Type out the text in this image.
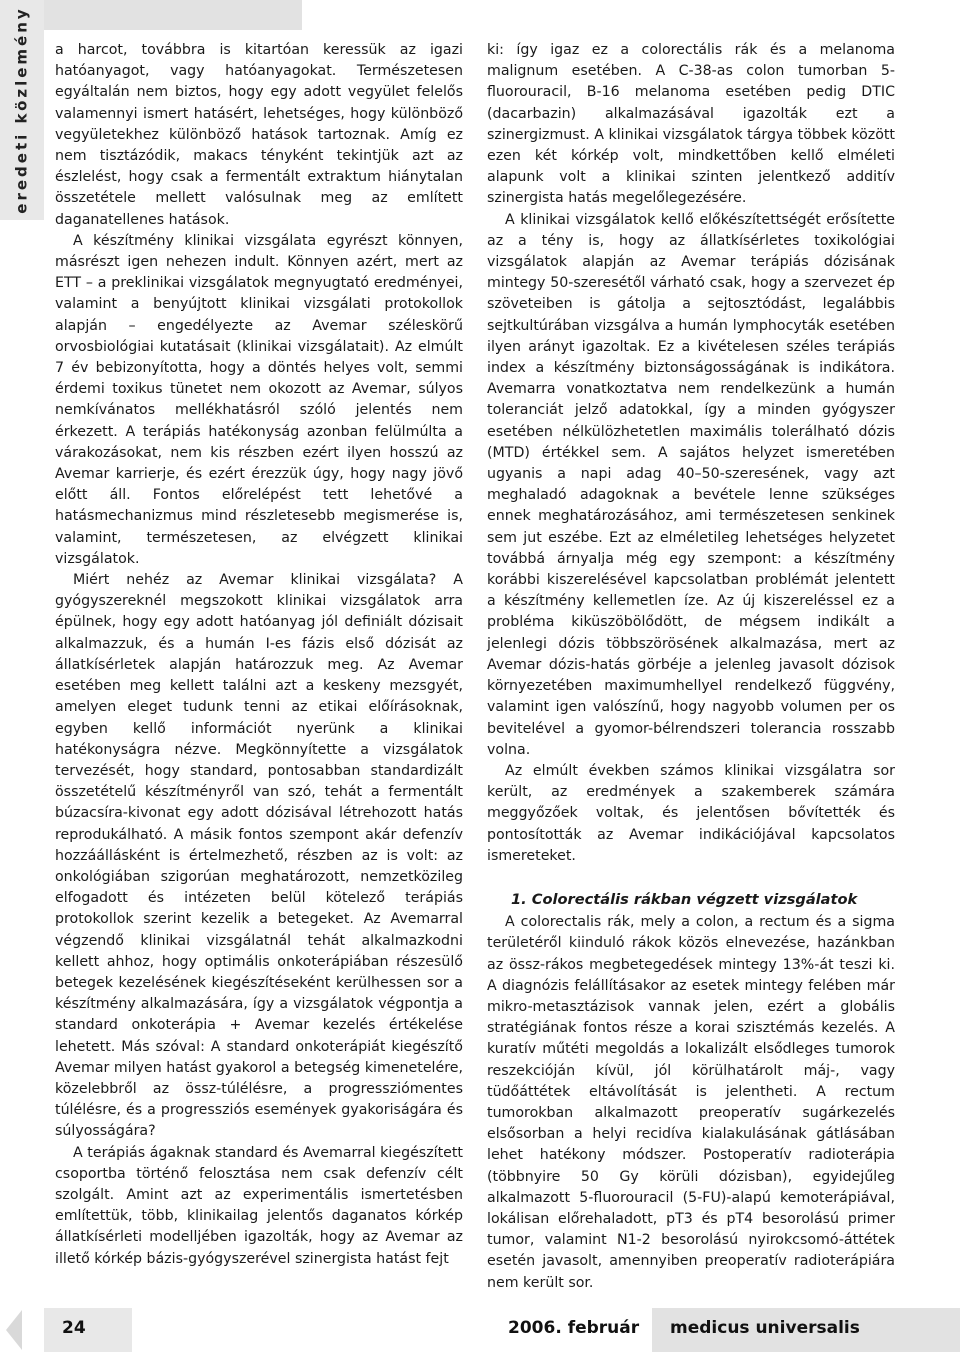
eredeti közlemény a harcot, továbbra is kitartóan keressük az igazi hatóanyagot, vagy hatóanyagokat. Természetesen egyáltalán nem biztos, hogy egy adott vegyület felelős valamennyi ismert hatásért, lehetséges, hogy különböző vegyületekhez különböző hatások tartoznak. Amíg ez nem tisztázódik, makacs tényként tekintjük azt az észlelést, hogy csak a fermentált extraktum hiánytalan összetétele mellett valósulnak meg az említett daganatellenes hatások.

A készítmény klinikai vizsgálata egyrészt könnyen, másrészt igen nehezen indult. Könnyen azért, mert az ETT – a preklinikai vizsgálatok megnyugtató eredményei, valamint a benyújtott klinikai vizsgálati protokollok alapján – engedélyezte az Avemar széleskörű orvosbiológiai kutatásait (klinikai vizsgálatait). Az elmúlt 7 év bebizonyította, hogy a döntés helyes volt, semmi érdemi toxikus tünetet nem okozott az Avemar, súlyos nemkívánatos mellékhatásról szóló jelentés nem érkezett. A terápiás hatékonyság azonban felülmúlta a várakozásokat, nem kis részben ezért ilyen hosszú az Avemar karrierje, és ezért érezzük úgy, hogy nagy jövő előtt áll. Fontos előrelépést tett lehetővé a hatásmechanizmus mind részletesebb megismerése is, valamint, természetesen, az elvégzett klinikai vizsgálatok.

Miért nehéz az Avemar klinikai vizsgálata? A gyógyszereknél megszokott klinikai vizsgálatok arra épülnek, hogy egy adott hatóanyag jól definiált dózisait alkalmazzuk, és a humán I-es fázis első dózisát az állatkísérletek alapján határozzuk meg. Az Avemar esetében meg kellett találni azt a keskeny mezsgyét, amelyen eleget tudunk tenni az etikai előírásoknak, egyben kellő információt nyerünk a klinikai hatékonyságra nézve. Megkönnyítette a vizsgálatok tervezését, hogy standard, pontosabban standardizált összetételű készítményről van szó, tehát a fermentált búzacsíra-kivonat egy adott dózisával létrehozott hatás reprodukálható. A másik fontos szempont akár defenzív hozzáállásként is értelmezhető, részben az is volt: az onkológiában szigorúan meghatározott, nemzetközileg elfogadott és intézeten belül kötelező terápiás protokollok szerint kezelik a betegeket. Az Avemarral végzendő klinikai vizsgálatnál tehát alkalmazkodni kellett ahhoz, hogy optimális onkoterápiában részesülő betegek kezelésének kiegészítéseként kerülhessen sor a készítmény alkalmazására, így a vizsgálatok végpontja a standard onkoterápia + Avemar kezelés értékelése lehetett. Más szóval: A standard onkoterápiát kiegészítő Avemar milyen hatást gyakorol a betegség kimenetelére, közelebbről az össz-túlélésre, a progressziómentes túlélésre, és a progressziós események gyakoriságára és súlyosságára?

A terápiás ágaknak standard és Avemarral kiegészített csoportba történő felosztása nem csak defenzív célt szolgált. Amint azt az experimentális ismertetésben említettük, több, klinikailag jelentős daganatos kórkép állatkísérleti modelljében igazolták, hogy az Avemar az illető kórkép bázis-gyógyszerével szinergista hatást fejt

ki: így igaz ez a colorectális rák és a melanoma malignum esetében. A C-38-as colon tumorban 5-fluorouracil, B-16 melanoma esetében pedig DTIC (dacarbazin) alkalmazásával igazolták ezt a szinergizmust. A klinikai vizsgálatok tárgya többek között ezen két kórkép volt, mindkettőben kellő elméleti alapunk volt a klinikai szinten jelentkező additív szinergista hatás megelőlegezésére.

A klinikai vizsgálatok kellő előkészítettségét erősítette az a tény is, hogy az állatkísérletes toxikológiai vizsgálatok alapján az Avemar terápiás dózisának mintegy 50-szeresétől várható csak, hogy a szervezet ép szöveteiben is gátolja a sejtosztódást, legalábbis sejtkultúrában vizsgálva a humán lymphocyták esetében ilyen arányt igazoltak. Ez a kivételesen széles terápiás index a készítmény biztonságosságának is indikátora. Avemarra vonatkoztatva nem rendelkezünk a humán toleranciát jelző adatokkal, így a minden gyógyszer esetében nélkülözhetetlen maximális tolerálható dózis (MTD) értékkel sem. A sajátos helyzet ismeretében ugyanis a napi adag 40–50-szeresének, vagy azt meghaladó adagoknak a bevétele lenne szükséges ennek meghatározásához, ami természetesen senkinek sem jut eszébe. Ezt az elméletileg lehetséges helyzetet továbbá árnyalja még egy szempont: a készítmény korábbi kiszerelésével kapcsolatban problémát jelentett a készítmény kellemetlen íze. Az új kiszereléssel ez a probléma kiküszöbölődött, de mégsem indikált a jelenlegi dózis többszörösének alkalmazása, mert az Avemar dózis-hatás görbéje a jelenleg javasolt dózisok környezetében maximumhellyel rendelkező függvény, valamint igen valószínű, hogy nagyobb volumen per os bevitelével a gyomor-bélrendszeri tolerancia rosszabb volna.

Az elmúlt években számos klinikai vizsgálatra sor került, az eredmények a szakemberek számára meggyőzőek voltak, és jelentősen bővítették és pontosították az Avemar indikációjával kapcsolatos ismereteket.

1. Colorectális rákban végzett vizsgálatok

A colorectalis rák, mely a colon, a rectum és a sigma területéről kiinduló rákok közös elnevezése, hazánkban az össz-rákos megbetegedések mintegy 13%-át teszi ki. A diagnózis felállításakor az esetek mintegy felében már mikro-metasztázisok vannak jelen, ezért a globális stratégiának fontos része a korai szisztémás kezelés. A kuratív műtéti megoldás a lokalizált elsődleges tumorok reszekcióján kívül, jól körülhatárolt máj-, vagy tüdőáttétek eltávolítását is jelentheti. A rectum tumorokban alkalmazott preoperatív sugárkezelés elsősorban a helyi recidíva kialakulásának gátlásában lehet hatékony módszer. Postoperatív radioterápia (többnyire 50 Gy körüli dózisban), egyidejűleg alkalmazott 5-fluorouracil (5-FU)-alapú kemoterápiával, lokálisan előrehaladott, pT3 és pT4 besorolású primer tumor, valamint N1-2 besorolású nyirokcsomó-áttétek esetén javasolt, amennyiben preoperatív radioterápiára nem került sor.

24	2006. február medicus universalis
